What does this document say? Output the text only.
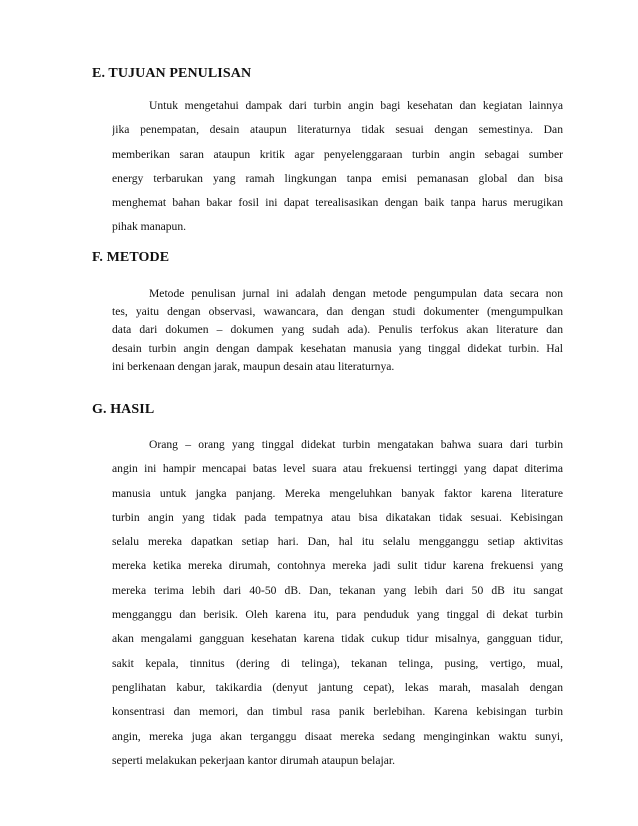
E. TUJUAN PENULISAN
Untuk mengetahui dampak dari turbin angin bagi kesehatan dan kegiatan lainnya
jika penempatan, desain ataupun literaturnya tidak sesuai dengan semestinya. Dan
memberikan saran ataupun kritik agar penyelenggaraan turbin angin sebagai sumber
energy terbarukan yang ramah lingkungan tanpa emisi pemanasan global dan bisa
menghemat bahan bakar fosil ini dapat terealisasikan dengan baik tanpa harus merugikan
pihak manapun.
F. METODE
Metode penulisan jurnal ini adalah dengan metode pengumpulan data secara non
tes, yaitu dengan observasi, wawancara, dan dengan studi dokumenter (mengumpulkan
data dari dokumen – dokumen yang sudah ada). Penulis terfokus akan literature dan
desain turbin angin dengan dampak kesehatan manusia yang tinggal didekat turbin. Hal
ini berkenaan dengan jarak, maupun desain atau literaturnya.
G. HASIL
Orang – orang yang tinggal didekat turbin mengatakan bahwa suara dari turbin
angin ini hampir mencapai batas level suara atau frekuensi tertinggi yang dapat diterima
manusia untuk jangka panjang. Mereka mengeluhkan banyak faktor karena literature
turbin angin yang tidak pada tempatnya atau bisa dikatakan tidak sesuai. Kebisingan
selalu mereka dapatkan setiap hari. Dan, hal itu selalu mengganggu setiap aktivitas
mereka ketika mereka dirumah, contohnya mereka jadi sulit tidur karena frekuensi yang
mereka terima lebih dari 40-50 dB. Dan, tekanan yang lebih dari 50 dB itu sangat
mengganggu dan berisik. Oleh karena itu, para penduduk yang tinggal di dekat turbin
akan mengalami gangguan kesehatan karena tidak cukup tidur misalnya, gangguan tidur,
sakit kepala, tinnitus (dering di telinga), tekanan telinga, pusing, vertigo, mual,
penglihatan kabur, takikardia (denyut jantung cepat), lekas marah, masalah dengan
konsentrasi dan memori, dan timbul rasa panik berlebihan. Karena kebisingan turbin
angin, mereka juga akan terganggu disaat mereka sedang menginginkan waktu sunyi,
seperti melakukan pekerjaan kantor dirumah ataupun belajar.
